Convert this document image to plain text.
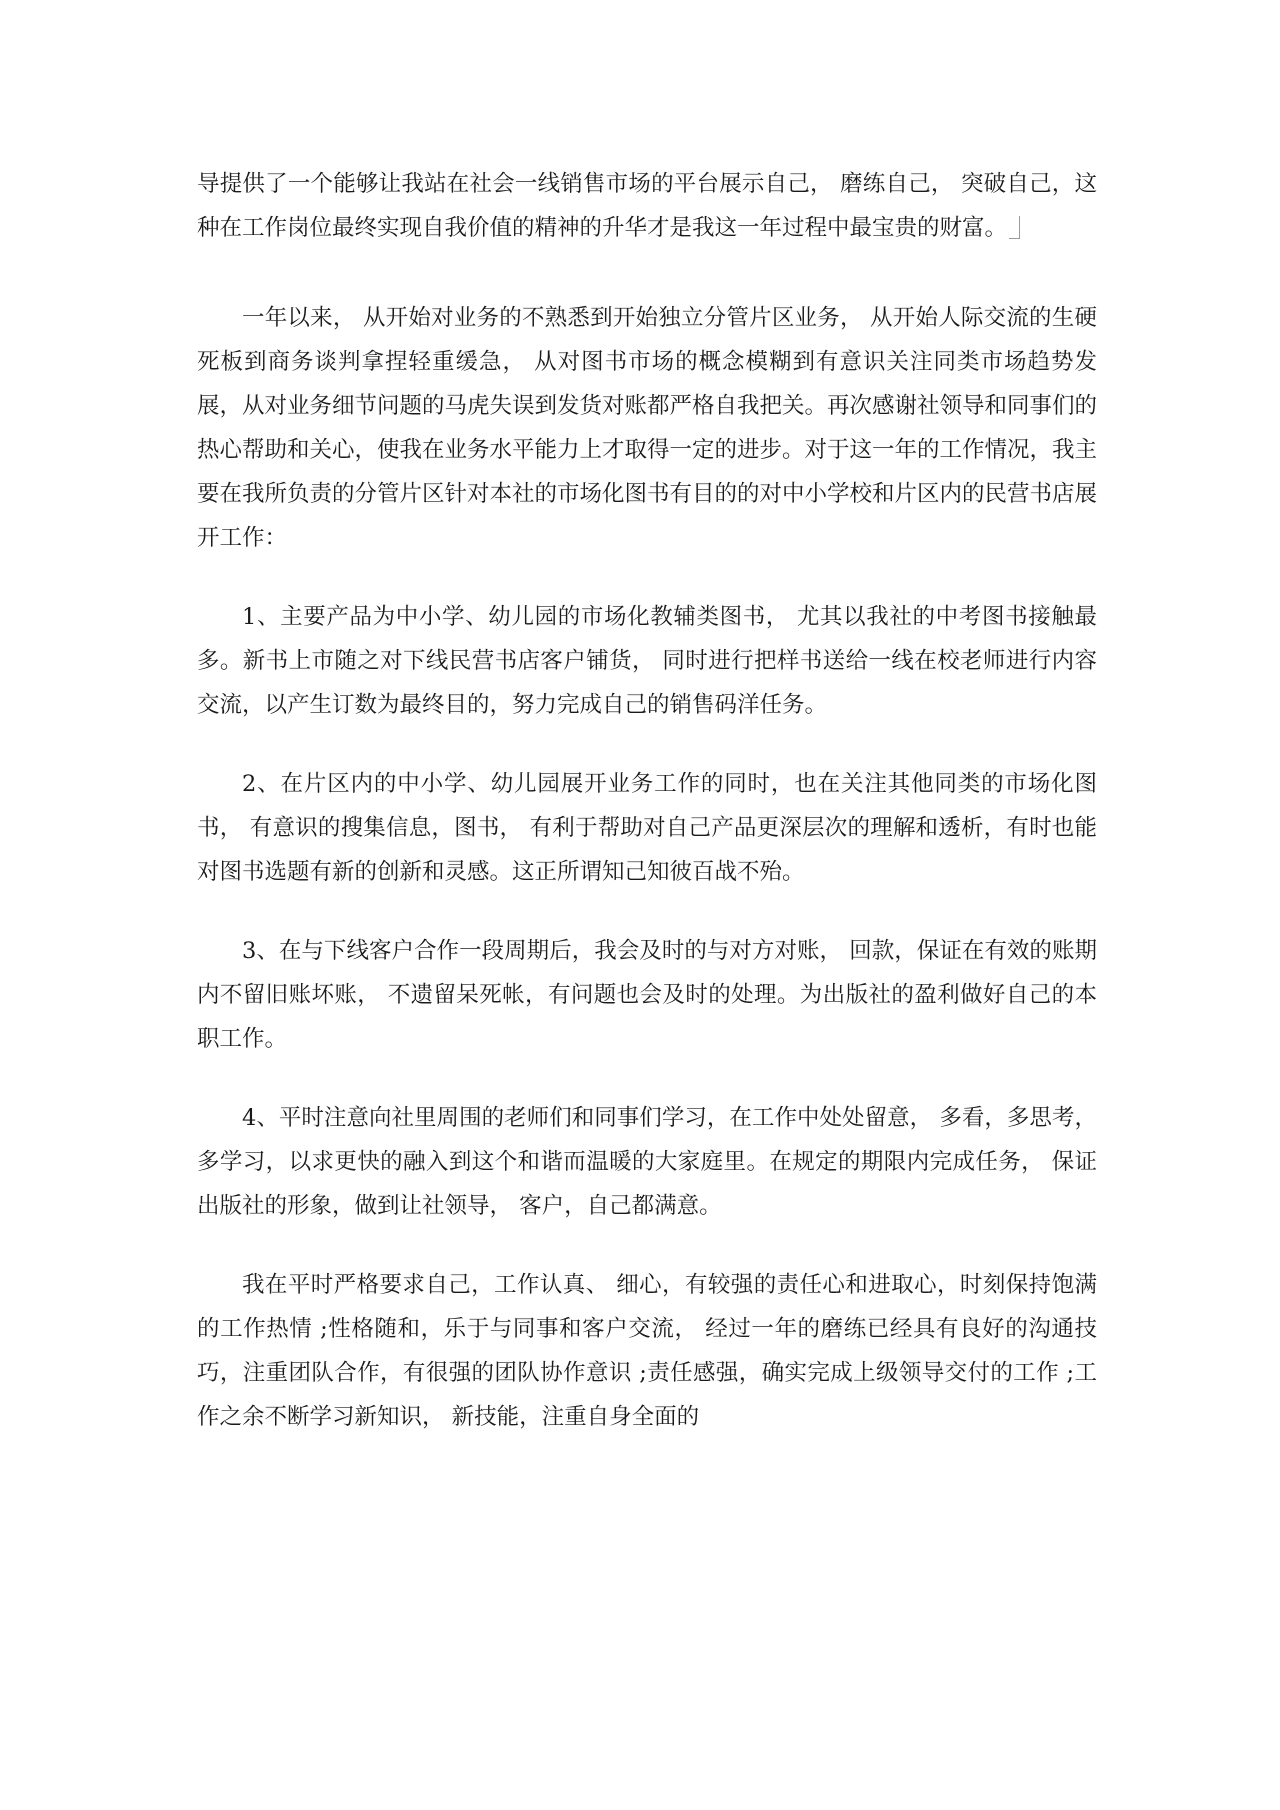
导提供了一个能够让我站在社会一线销售市场的平台展示自己， 磨练自己， 突破自己，这种在工作岗位最终实现自我价值的精神的升华才是我这一年过程中最宝贵的财富。

一年以来， 从开始对业务的不熟悉到开始独立分管片区业务， 从开始人际交流的生硬死板到商务谈判拿捏轻重缓急， 从对图书市场的概念模糊到有意识关注同类市场趋势发展，从对业务细节问题的马虎失误到发货对账都严格自我把关。再次感谢社领导和同事们的热心帮助和关心，使我在业务水平能力上才取得一定的进步。对于这一年的工作情况，我主要在我所负责的分管片区针对本社的市场化图书有目的的对中小学校和片区内的民营书店展开工作：

1、主要产品为中小学、幼儿园的市场化教辅类图书， 尤其以我社的中考图书接触最多。新书上市随之对下线民营书店客户铺货， 同时进行把样书送给一线在校老师进行内容交流，以产生订数为最终目的，努力完成自己的销售码洋任务。

2、在片区内的中小学、幼儿园展开业务工作的同时，也在关注其他同类的市场化图书， 有意识的搜集信息，图书， 有利于帮助对自己产品更深层次的理解和透析，有时也能对图书选题有新的创新和灵感。这正所谓知己知彼百战不殆。

3、在与下线客户合作一段周期后，我会及时的与对方对账， 回款，保证在有效的账期内不留旧账坏账， 不遗留呆死帐，有问题也会及时的处理。为出版社的盈利做好自己的本职工作。

4、平时注意向社里周围的老师们和同事们学习，在工作中处处留意， 多看，多思考，多学习，以求更快的融入到这个和谐而温暖的大家庭里。在规定的期限内完成任务， 保证出版社的形象，做到让社领导， 客户，自己都满意。

我在平时严格要求自己，工作认真、 细心，有较强的责任心和进取心，时刻保持饱满的工作热情 ;性格随和，乐于与同事和客户交流， 经过一年的磨练已经具有良好的沟通技巧，注重团队合作，有很强的团队协作意识 ;责任感强，确实完成上级领导交付的工作 ;工作之余不断学习新知识， 新技能，注重自身全面的
